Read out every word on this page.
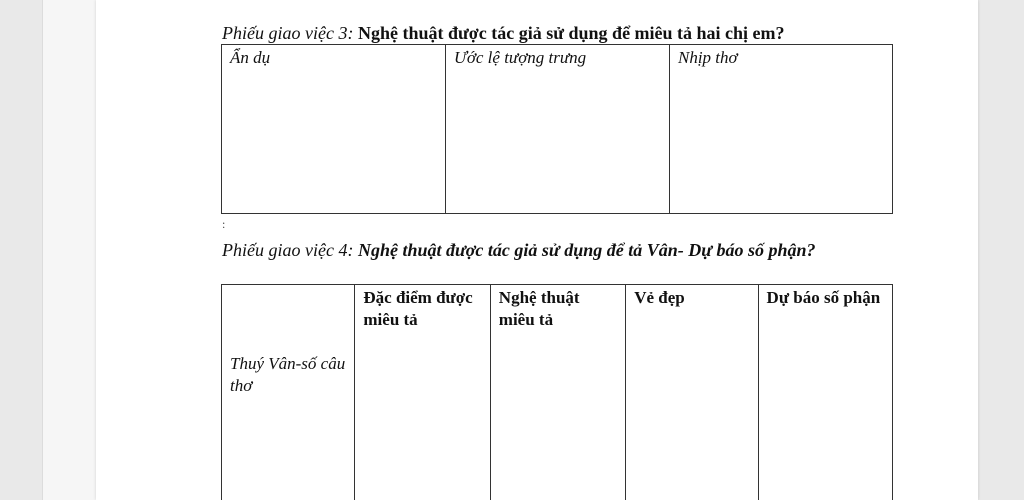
Phiếu giao việc 3: Nghệ thuật được tác giả sử dụng để miêu tả hai chị em?
Ẩn dụ	Ước lệ tượng trưng	Nhịp thơ
:
Phiếu giao việc 4: Nghệ thuật được tác giả sử dụng để tả Vân- Dự báo số phận?
Thuý Vân-số câu thơ	Đặc điểm được miêu tả	Nghệ thuật miêu tả	Vẻ đẹp	Dự báo số phận
